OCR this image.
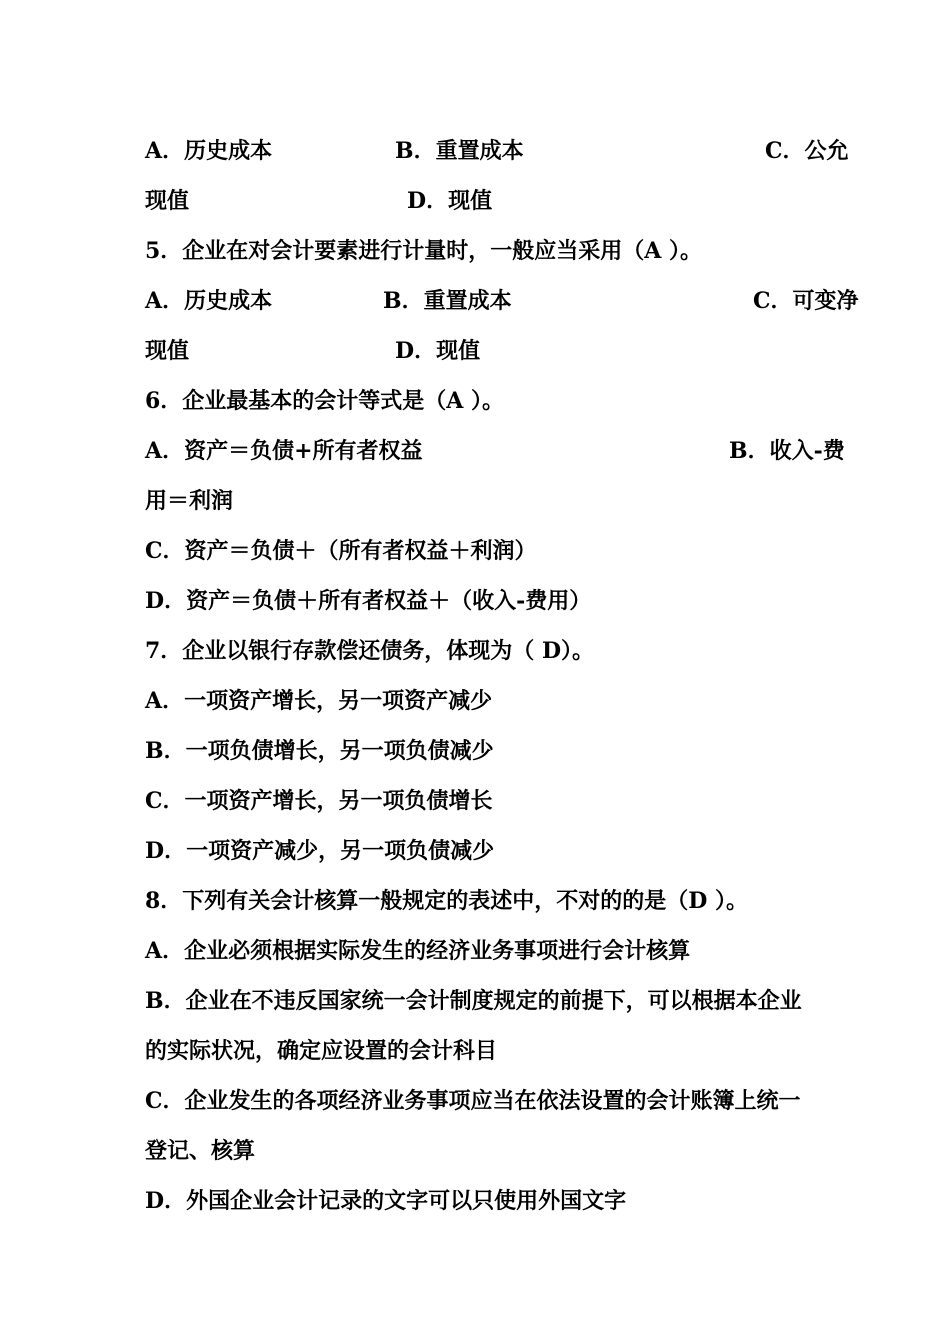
A．历史成本	B．重置成本	C．公允
现值	D．现值
5．企业在对会计要素进行计量时，一般应当采用（A ）。
A．历史成本	B．重置成本	C．可变净
现值	D．现值
6．企业最基本的会计等式是（A ）。
A．资产＝负债+所有者权益	B．收入-费
用＝利润
C．资产＝负债＋（所有者权益＋利润）
D．资产＝负债＋所有者权益＋（收入-费用）
7．企业以银行存款偿还债务，体现为（ D）。
A．一项资产增长，另一项资产减少
B．一项负债增长，另一项负债减少
C．一项资产增长，另一项负债增长
D．一项资产减少，另一项负债减少
8．下列有关会计核算一般规定的表述中，不对的的是（D ）。
A．企业必须根据实际发生的经济业务事项进行会计核算
B．企业在不违反国家统一会计制度规定的前提下，可以根据本企业
的实际状况，确定应设置的会计科目
C．企业发生的各项经济业务事项应当在依法设置的会计账簿上统一
登记、核算
D．外国企业会计记录的文字可以只使用外国文字
